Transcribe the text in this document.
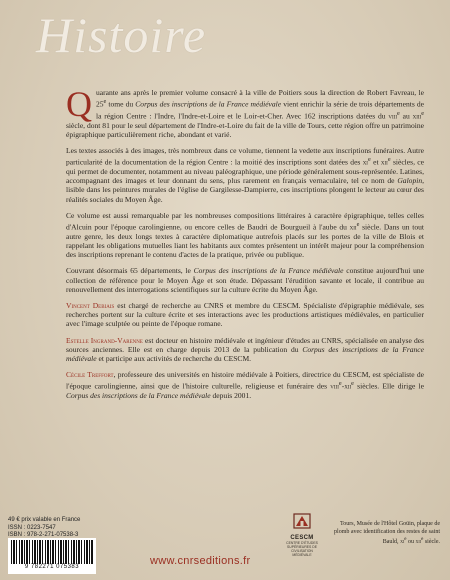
Histoire

Quarante ans après le premier volume consacré à la ville de Poitiers sous la direction de Robert Favreau, le 25e tome du Corpus des inscriptions de la France médiévale vient enrichir la série de trois départements de la région Centre : l'Indre, l'Indre-et-Loire et le Loir-et-Cher. Avec 162 inscriptions datées du viii$^e$ au xiii$^e$ siècle, dont 81 pour le seul département de l'Indre-et-Loire du fait de la ville de Tours, cette région offre un patrimoine épigraphique particulièrement riche, abondant et varié.

Les textes associés à des images, très nombreux dans ce volume, tiennent la vedette aux inscriptions funéraires. Autre particularité de la documentation de la région Centre : la moitié des inscriptions sont datées des $xi^e$ et xii$^e$ siècles, ce qui permet de documenter, notamment au niveau paléographique, une période généralement sous-représentée. Latines, accompagnant des images et leur donnant du sens, plus rarement en français vernaculaire, tel ce nom de Galopin, lisible dans les peintures murales de l'église de Gargilesse-Dampierre, ces inscriptions plongent le lecteur au cœur des réalités sociales du Moyen Âge.

Ce volume est aussi remarquable par les nombreuses compositions littéraires à caractère épigraphique, telles celles d'Alcuin pour l'époque carolingienne, ou encore celles de Baudri de Bourgueil à l'aube du xii$^e$ siècle. Dans un tout autre genre, les deux longs textes à caractère diplomatique autrefois placés sur les portes de la ville de Blois et rappelant les obligations mutuelles liant les habitants aux comtes présentent un intérêt majeur pour la compréhension des inscriptions reprenant le contenu d'actes de la pratique, privée ou publique.

Couvrant désormais 65 départements, le Corpus des inscriptions de la France médiévale constitue aujourd'hui une collection de référence pour le Moyen Âge et son étude. Dépassant l'érudition savante et locale, il contribue au renouvellement des interrogations scientifiques sur la culture écrite du Moyen Âge.

Vincent Debiais est chargé de recherche au CNRS et membre du CESCM. Spécialiste d'épigraphie médiévale, ses recherches portent sur la culture écrite et ses interactions avec les productions artistiques médiévales, en particulier avec l'image sculptée ou peinte de l'époque romane.

Estelle Ingrand-Varenne est docteur en histoire médiévale et ingénieur d'études au CNRS, spécialisée en analyse des sources anciennes. Elle est en charge depuis 2013 de la publication du Corpus des inscriptions de la France médiévale et participe aux activités de recherche du CESCM.

Cécile Treffort, professeure des universités en histoire médiévale à Poitiers, directrice du CESCM, est spécialiste de l'époque carolingienne, ainsi que de l'histoire culturelle, religieuse et funéraire des viii$^e$-xii$^e$ siècles. Elle dirige le Corpus des inscriptions de la France médiévale depuis 2001.

49 € prix valable en France
ISSN : 0223-7547
ISBN : 978-2-271-07538-3
9 782271 075383	www.cnrseditions.fr
CESCM
CENTRE D'ÉTUDES SUPÉRIEURES DE CIVILISATION MÉDIÉVALE
Tours, Musée de l'Hôtel Goüin, plaque de plomb avec identification des restes de saint Bauld, $xi^e$ ou xii$^e$ siècle.
